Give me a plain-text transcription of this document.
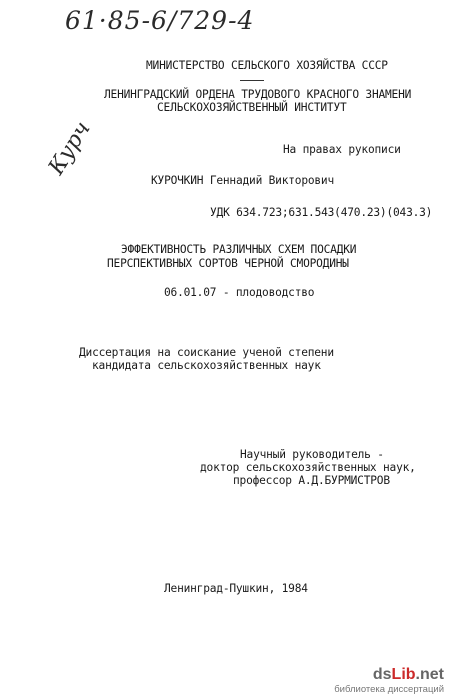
61·85-6/729-4
Курч
МИНИСТЕРСТВО СЕЛЬСКОГО ХОЗЯЙСТВА СССР
ЛЕНИНГРАДСКИЙ ОРДЕНА ТРУДОВОГО КРАСНОГО ЗНАМЕНИ
СЕЛЬСКОХОЗЯЙСТВЕННЫЙ ИНСТИТУТ
На правах рукописи
КУРОЧКИН Геннадий Викторович
УДК 634.723;631.543(470.23)(043.3)
ЭФФЕКТИВНОСТЬ РАЗЛИЧНЫХ СХЕМ ПОСАДКИ
ПЕРСПЕКТИВНЫХ СОРТОВ ЧЕРНОЙ СМОРОДИНЫ
06.01.07 - плодоводство
Диссертация на соискание ученой степени
кандидата сельскохозяйственных наук
Научный руководитель -
доктор сельскохозяйственных наук,
профессор А.Д.БУРМИСТРОВ
Ленинград-Пушкин, 1984
dsLib.net
библиотека диссертаций
